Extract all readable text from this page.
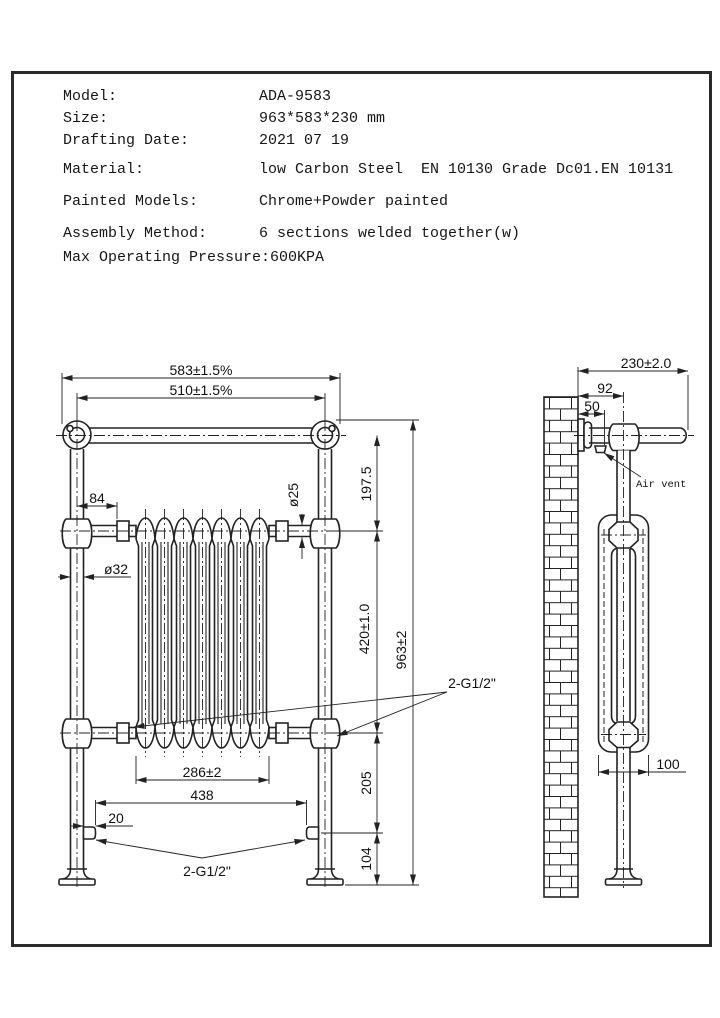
Model:	ADA-9583
Size:	963*583*230 mm
Drafting Date:	2021 07 19
Material:	low Carbon Steel  EN 10130 Grade Dc01.EN 10131
Painted Models:	Chrome+Powder painted
Assembly Method:	6 sections welded together(w)
Max Operating Pressure:600KPA
583±1.5%
510±1.5%
84
ø32
ø25	197.5
420±1.0 963±2
205
104
286±2
438
20
2-G1/2"
2-G1/2"
230±2.0
92
50
100
Air vent
